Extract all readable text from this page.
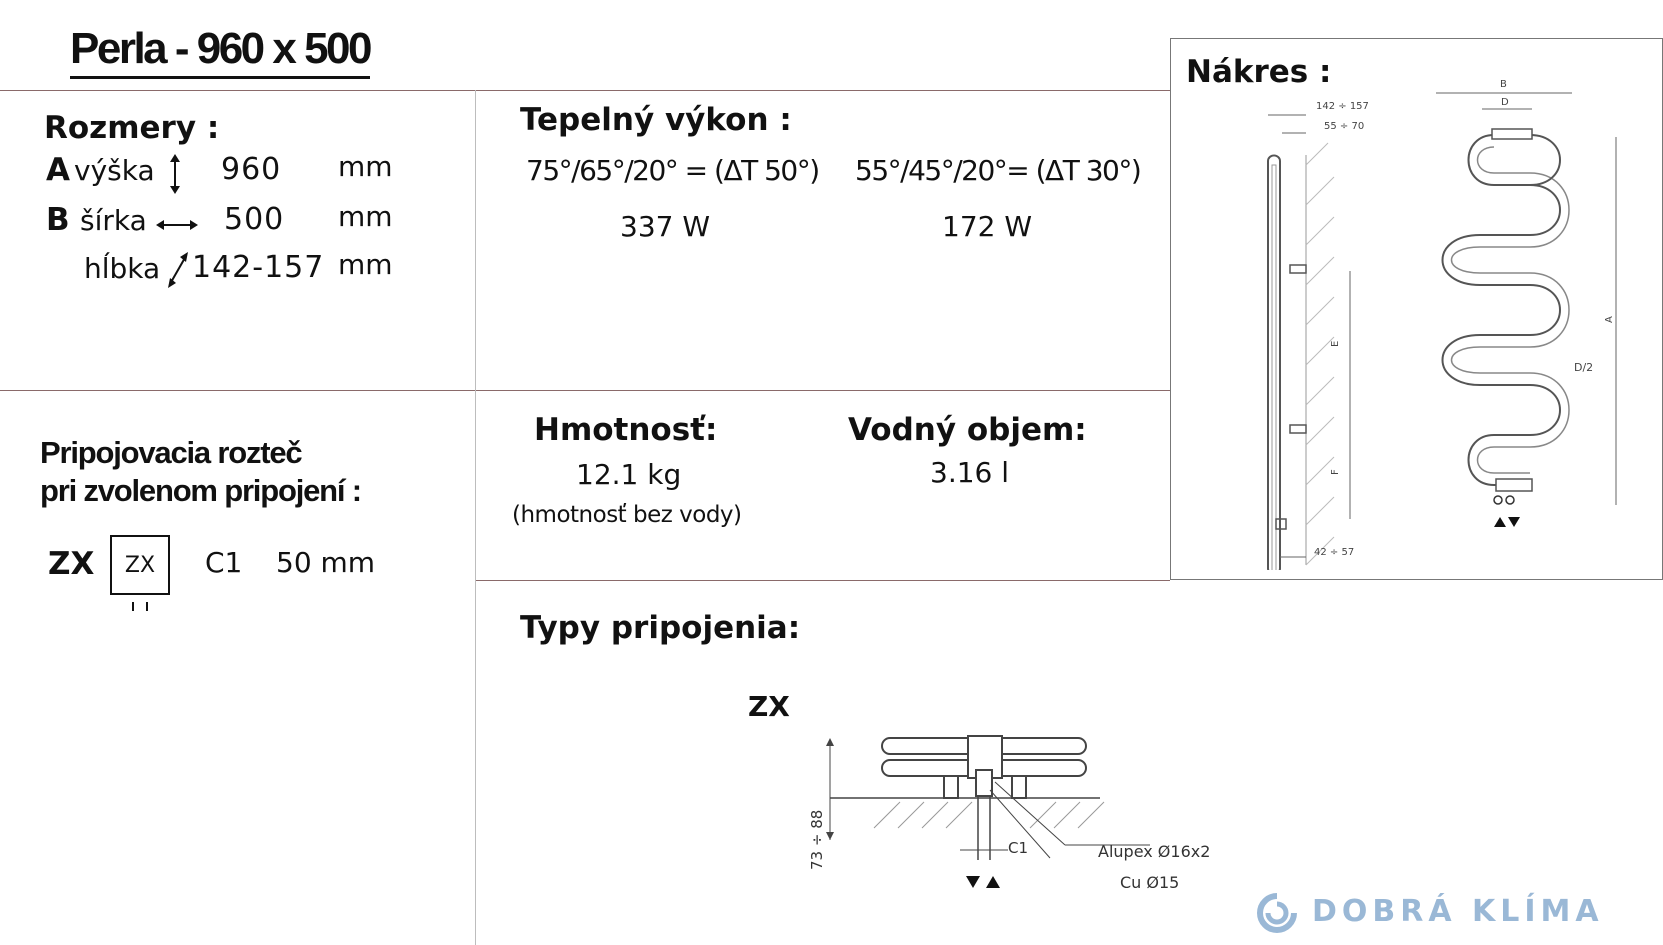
Perla - 960 x 500
Rozmery :
A výška 960 mm
B šírka	500 mm
hĺbka 142-157 mm
Tepelný výkon :
75°/65°/20° = (ΔT 50°) 55°/45°/20°= (ΔT 30°)
337 W	172 W
Hmotnosť:
12.1 kg
(hmotnosť bez vody)
Vodný objem:
3.16 l
Pripojovacia rozteč
pri zvolenom pripojení :
ZX ZX C1 50 mm
Nákres :
142 ÷ 157
55 ÷ 70
E
F
42 ÷ 57
B
D
A
D/2
Typy pripojenia:
ZX
73 ÷ 88	C1	Alupex Ø16x2
Cu Ø15
DOBRÁ KLÍMA
